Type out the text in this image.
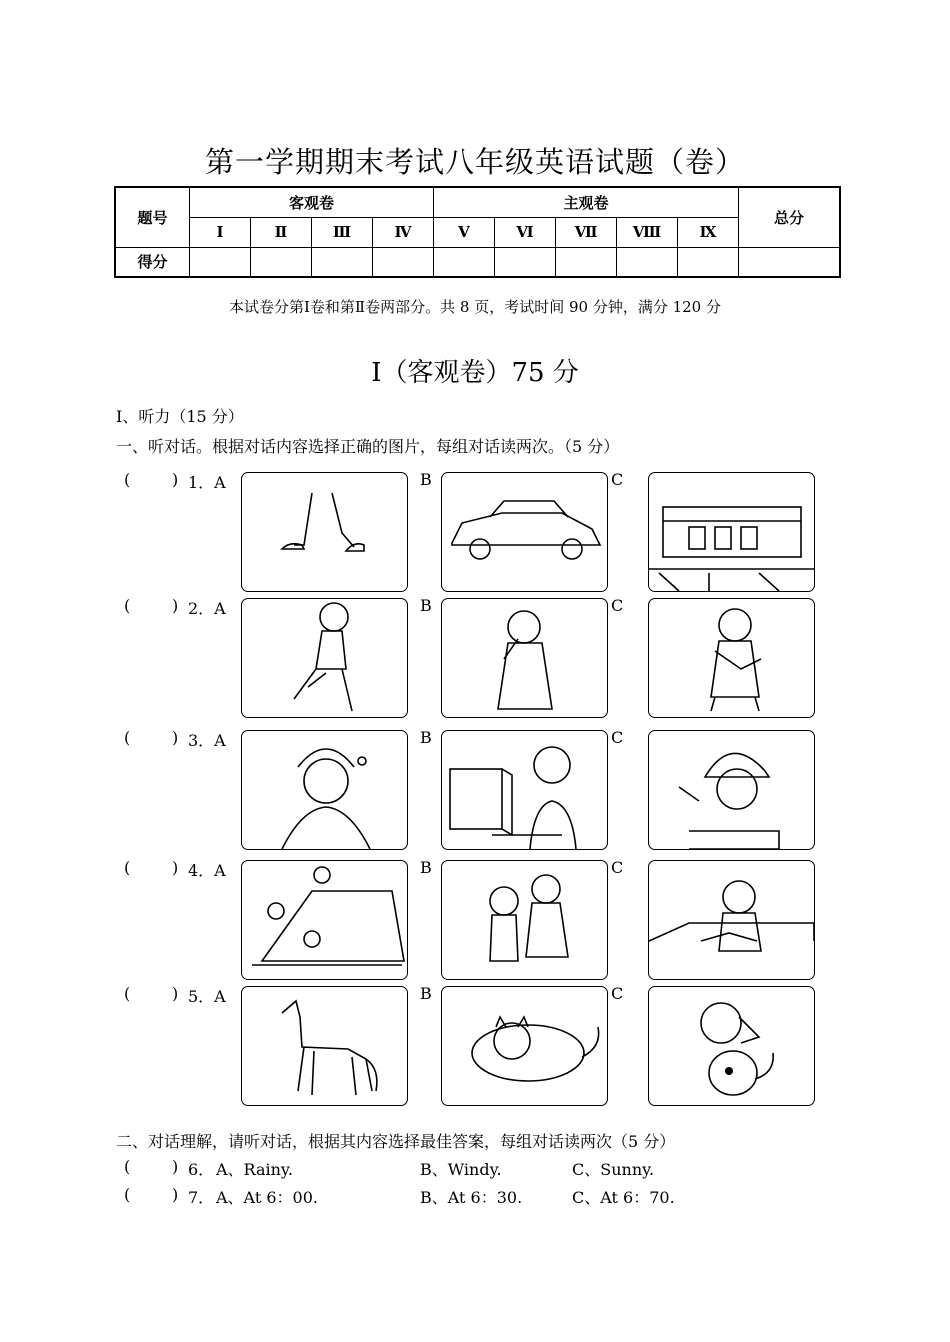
第一学期期末考试八年级英语试题（卷）
题号	客观卷				主观卷					总分
	Ⅰ	Ⅱ	Ⅲ	Ⅳ	Ⅴ	Ⅵ	Ⅶ	Ⅷ	Ⅸ	
得分										
本试卷分第Ⅰ卷和第Ⅱ卷两部分。共 8 页，考试时间 90 分钟，满分 120 分
Ⅰ（客观卷）75 分
Ⅰ、听力（15 分）
一、听对话。根据对话内容选择正确的图片，每组对话读两次。（5 分）
二、对话理解，请听对话，根据其内容选择最佳答案，每组对话读两次（5 分）
(	) 6． A、Rainy.	B、Windy.	C、Sunny.
(	) 7． A、At 6：00.	B、At 6：30.	C、At 6：70.
(	) 1．A	B	C
(	) 2．A	B	C
(	) 3．A	B	C
(	) 4．A	B	C
(	) 5．A	B	C
